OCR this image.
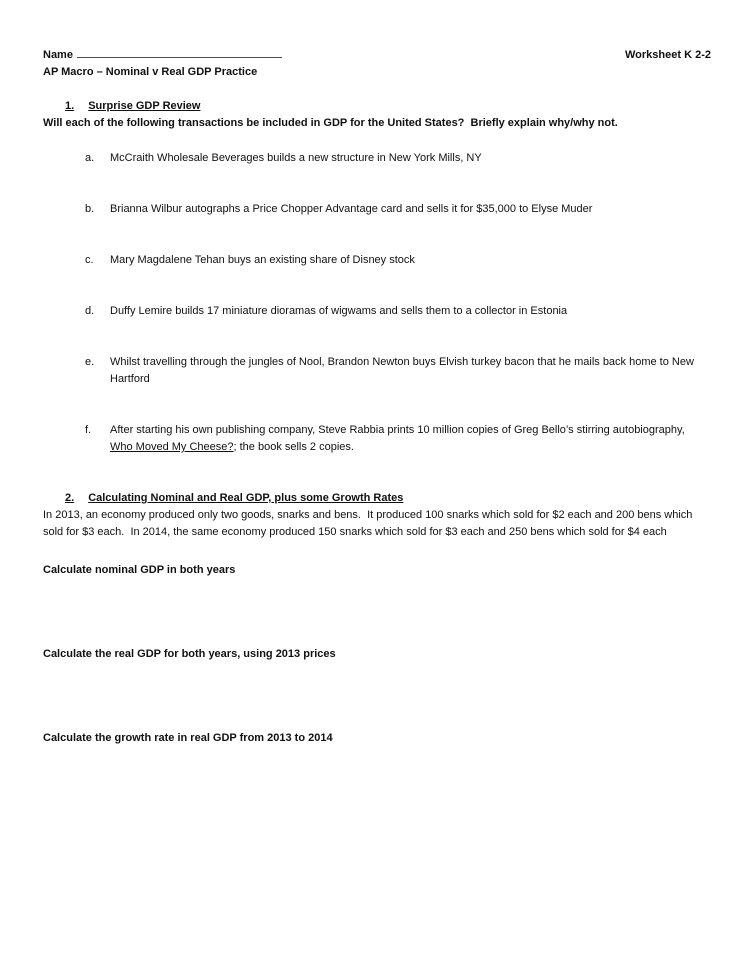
Name	Worksheet K 2-2
AP Macro – Nominal v Real GDP Practice
1. Surprise GDP Review
Will each of the following transactions be included in GDP for the United States?  Briefly explain why/why not.
a.	McCraith Wholesale Beverages builds a new structure in New York Mills, NY
b.	Brianna Wilbur autographs a Price Chopper Advantage card and sells it for $35,000 to Elyse Muder
c.	Mary Magdalene Tehan buys an existing share of Disney stock
d.	Duffy Lemire builds 17 miniature dioramas of wigwams and sells them to a collector in Estonia
e.	Whilst travelling through the jungles of Nool, Brandon Newton buys Elvish turkey bacon that he mails back home to New Hartford
f.	After starting his own publishing company, Steve Rabbia prints 10 million copies of Greg Bello’s stirring autobiography, Who Moved My Cheese?; the book sells 2 copies.
2. Calculating Nominal and Real GDP, plus some Growth Rates
In 2013, an economy produced only two goods, snarks and bens.  It produced 100 snarks which sold for $2 each and 200 bens which sold for $3 each.  In 2014, the same economy produced 150 snarks which sold for $3 each and 250 bens which sold for $4 each
Calculate nominal GDP in both years
Calculate the real GDP for both years, using 2013 prices
Calculate the growth rate in real GDP from 2013 to 2014
